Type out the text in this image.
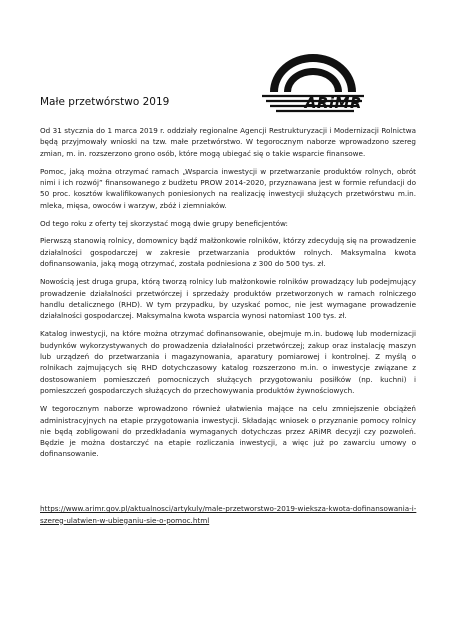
ARiMR
Małe przetwórstwo 2019

Od 31 stycznia do 1 marca 2019 r. oddziały regionalne Agencji Restrukturyzacji i Modernizacji Rolnictwa będą przyjmowały wnioski na tzw. małe przetwórstwo. W tegorocznym naborze wprowadzono szereg zmian, m. in. rozszerzono grono osób, które mogą ubiegać się o takie wsparcie finansowe.

Pomoc, jaką można otrzymać ramach „Wsparcia inwestycji w przetwarzanie produktów rolnych, obrót nimi i ich rozwój” finansowanego z budżetu PROW 2014-2020, przyznawana jest w formie refundacji do 50 proc. kosztów kwalifikowanych poniesionych na realizację inwestycji służących przetwórstwu m.in. mleka, mięsa, owoców i warzyw, zbóż i ziemniaków.

Od tego roku z oferty tej skorzystać mogą dwie grupy beneficjentów:

Pierwszą stanowią rolnicy, domownicy bądź małżonkowie rolników, którzy zdecydują się na prowadzenie działalności gospodarczej w zakresie przetwarzania produktów rolnych. Maksymalna kwota dofinansowania, jaką mogą otrzymać, została podniesiona z 300 do 500 tys. zł.

Nowością jest druga grupa, którą tworzą rolnicy lub małżonkowie rolników prowadzący lub podejmujący prowadzenie działalności przetwórczej i sprzedaży produktów przetworzonych w ramach rolniczego handlu detalicznego (RHD). W tym przypadku, by uzyskać pomoc, nie jest wymagane prowadzenie działalności gospodarczej. Maksymalna kwota wsparcia wynosi natomiast 100 tys. zł.

Katalog inwestycji, na które można otrzymać dofinansowanie, obejmuje m.in. budowę lub modernizacji budynków wykorzystywanych do prowadzenia działalności przetwórczej; zakup oraz instalację maszyn lub urządzeń do przetwarzania i magazynowania, aparatury pomiarowej i kontrolnej. Z myślą o rolnikach zajmujących się RHD dotychczasowy katalog rozszerzono m.in. o inwestycje związane z dostosowaniem pomieszczeń pomocniczych służących przygotowaniu posiłków (np. kuchni) i pomieszczeń gospodarczych służących do przechowywania produktów żywnościowych.

W tegorocznym naborze wprowadzono również ułatwienia mające na celu zmniejszenie obciążeń administracyjnych na etapie przygotowania inwestycji. Składając wniosek o przyznanie pomocy rolnicy nie będą zobligowani do przedkładania wymaganych dotychczas przez ARiMR decyzji czy pozwoleń. Będzie je można dostarczyć na etapie rozliczania inwestycji, a więc już po zawarciu umowy o dofinansowanie.

https://www.arimr.gov.pl/aktualnosci/artykuly/male-przetworstwo-2019-wieksza-kwota-dofinansowania-i-szereg-ulatwien-w-ubieganiu-sie-o-pomoc.html
